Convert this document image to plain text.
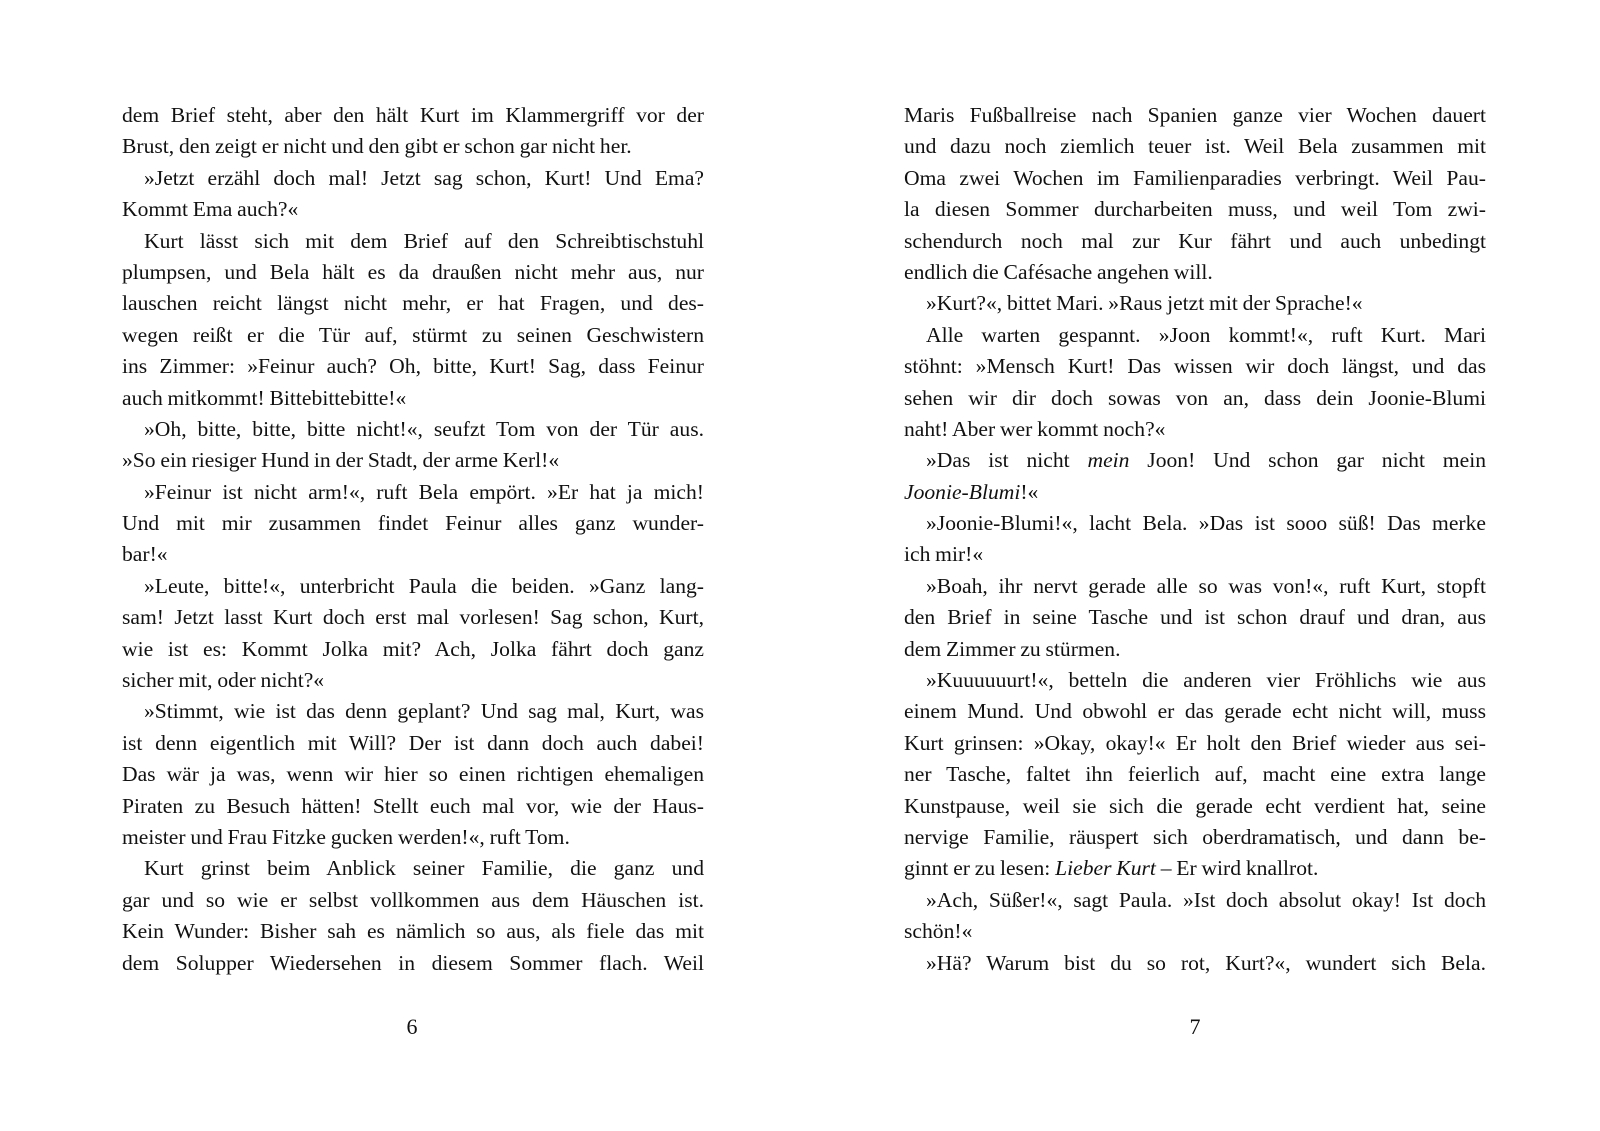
dem Brief steht, aber den hält Kurt im Klammergriff vor der
Brust, den zeigt er nicht und den gibt er schon gar nicht her.
»Jetzt erzähl doch mal! Jetzt sag schon, Kurt! Und Ema?
Kommt Ema auch?«
Kurt lässt sich mit dem Brief auf den Schreibtischstuhl
plumpsen, und Bela hält es da draußen nicht mehr aus, nur
lauschen reicht längst nicht mehr, er hat Fragen, und des-
wegen reißt er die Tür auf, stürmt zu seinen Geschwistern
ins Zimmer: »Feinur auch? Oh, bitte, Kurt! Sag, dass Feinur
auch mitkommt! Bittebittebitte!«
»Oh, bitte, bitte, bitte nicht!«, seufzt Tom von der Tür aus.
»So ein riesiger Hund in der Stadt, der arme Kerl!«
»Feinur ist nicht arm!«, ruft Bela empört. »Er hat ja mich!
Und mit mir zusammen findet Feinur alles ganz wunder-
bar!«
»Leute, bitte!«, unterbricht Paula die beiden. »Ganz lang-
sam! Jetzt lasst Kurt doch erst mal vorlesen! Sag schon, Kurt,
wie ist es: Kommt Jolka mit? Ach, Jolka fährt doch ganz
sicher mit, oder nicht?«
»Stimmt, wie ist das denn geplant? Und sag mal, Kurt, was
ist denn eigentlich mit Will? Der ist dann doch auch dabei!
Das wär ja was, wenn wir hier so einen richtigen ehemaligen
Piraten zu Besuch hätten! Stellt euch mal vor, wie der Haus-
meister und Frau Fitzke gucken werden!«, ruft Tom.
Kurt grinst beim Anblick seiner Familie, die ganz und
gar und so wie er selbst vollkommen aus dem Häuschen ist.
Kein Wunder: Bisher sah es nämlich so aus, als fiele das mit
dem Solupper Wiedersehen in diesem Sommer flach. Weil
6
Maris Fußballreise nach Spanien ganze vier Wochen dauert
und dazu noch ziemlich teuer ist. Weil Bela zusammen mit
Oma zwei Wochen im Familienparadies verbringt. Weil Pau-
la diesen Sommer durcharbeiten muss, und weil Tom zwi-
schendurch noch mal zur Kur fährt und auch unbedingt
endlich die Cafésache angehen will.
»Kurt?«, bittet Mari. »Raus jetzt mit der Sprache!«
Alle warten gespannt. »Joon kommt!«, ruft Kurt. Mari
stöhnt: »Mensch Kurt! Das wissen wir doch längst, und das
sehen wir dir doch sowas von an, dass dein Joonie-Blumi
naht! Aber wer kommt noch?«
»Das ist nicht mein Joon! Und schon gar nicht mein
Joonie-Blumi!«
»Joonie-Blumi!«, lacht Bela. »Das ist sooo süß! Das merke
ich mir!«
»Boah, ihr nervt gerade alle so was von!«, ruft Kurt, stopft
den Brief in seine Tasche und ist schon drauf und dran, aus
dem Zimmer zu stürmen.
»Kuuuuuurt!«, betteln die anderen vier Fröhlichs wie aus
einem Mund. Und obwohl er das gerade echt nicht will, muss
Kurt grinsen: »Okay, okay!« Er holt den Brief wieder aus sei-
ner Tasche, faltet ihn feierlich auf, macht eine extra lange
Kunstpause, weil sie sich die gerade echt verdient hat, seine
nervige Familie, räuspert sich oberdramatisch, und dann be-
ginnt er zu lesen: Lieber Kurt – Er wird knallrot.
»Ach, Süßer!«, sagt Paula. »Ist doch absolut okay! Ist doch
schön!«
»Hä? Warum bist du so rot, Kurt?«, wundert sich Bela.
7
